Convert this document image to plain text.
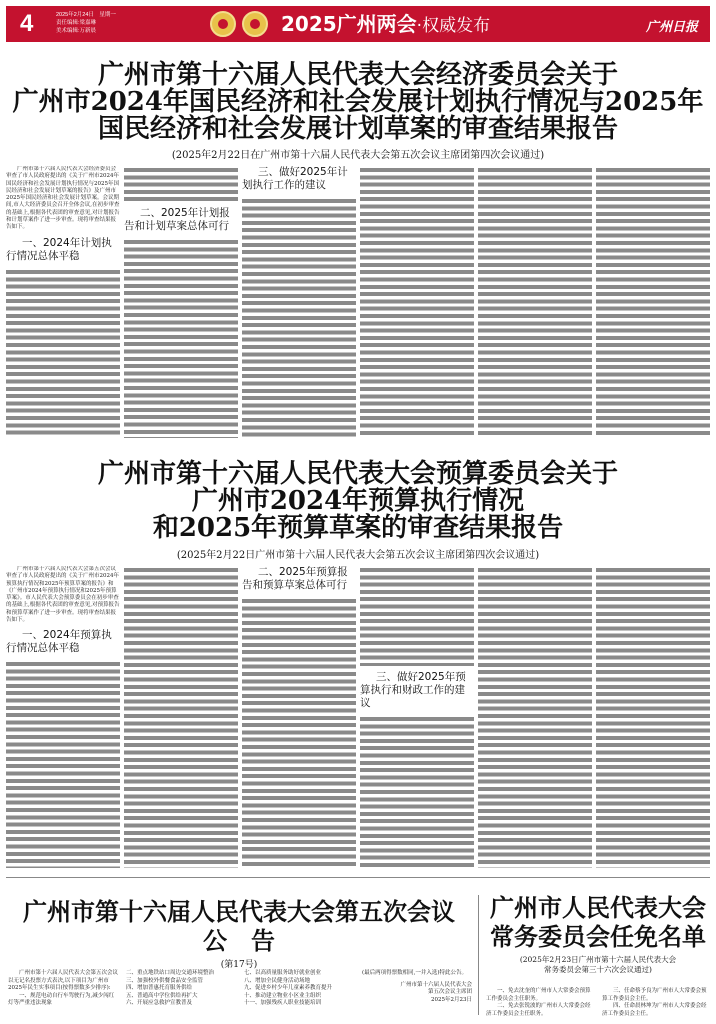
4	2025年2月24日　星期一
责任编辑:梁嘉琳
美术编辑:万新晨	2025广州两会·权威发布	广州日报
广州市第十六届人民代表大会经济委员会关于
广州市2024年国民经济和社会发展计划执行情况与2025年
国民经济和社会发展计划草案的审查结果报告
(2025年2月22日在广州市第十六届人民代表大会第五次会议主席团第四次会议通过)

广州市第十六届人民代表大会经济委员会审查了市人民政府提出的《关于广州市2024年国民经济和社会发展计划执行情况与2025年国民经济和社会发展计划草案的报告》及广州市2025年国民经济和社会发展计划草案。会议期间,市人大经济委员会召开全体会议,在初步审查的基础上,根据各代表团的审查意见,对计划报告和计划草案作了进一步审查。现将审查结果报告如下。

一、2024年计划执行情况总体平稳
二、2025年计划报告和计划草案总体可行
三、做好2025年计划执行工作的建议
广州市第十六届人民代表大会预算委员会关于
广州市2024年预算执行情况
和2025年预算草案的审查结果报告
(2025年2月22日广州市第十六届人民代表大会第五次会议主席团第四次会议通过)

广州市第十六届人民代表大会第五次会议审查了市人民政府提出的《关于广州市2024年预算执行情况和2025年预算草案的报告》和《广州市2024年预算执行情况和2025年预算草案》。市人民代表大会预算委员会在初步审查的基础上,根据各代表团的审查意见,对预算报告和预算草案作了进一步审查。现将审查结果报告如下。

一、2024年预算执行情况总体平稳
二、2025年预算报告和预算草案总体可行
三、做好2025年预算执行和财政工作的建议
广州市第十六届人民代表大会第五次会议
公　告
(第17号)

广州市第十六届人民代表大会第五次会议以无记名投票方式表决,以下项目为广州市2025年民生实事项目(按得票数多少排序):

一、规范电动自行车驾驶行为,减少闯红灯等严重违法现象

二、重点地铁站口周边交通环境整治

三、加强校外供餐食品安全监管

四、增加普惠托育服务供给

五、普通高中学位供给再扩大

六、开展应急救护宣教普及

七、以高质量服务助好就业创业

八、增加全民健身活动场地

九、促进乡村少年儿童素养教育提升

十、推动建立物业小区业主组织

十一、加强残疾人职业技能培训

(最后两项得票数相同,一并入选)特此公告。

广州市第十六届人民代表大会
第五次会议主席团
2025年2月23日
广州市人民代表大会
常务委员会任免名单
(2025年2月23日广州市第十六届人民代表大会
常务委员会第三十六次会议通过)

一、免去沈奎的广州市人大常委会预算工作委员会主任职务。

二、免去张锐波的广州市人大常委会经济工作委员会主任职务。

三、任命蔡予良为广州市人大常委会预算工作委员会主任。

四、任命晨林坤为广州市人大常委会经济工作委员会主任。
